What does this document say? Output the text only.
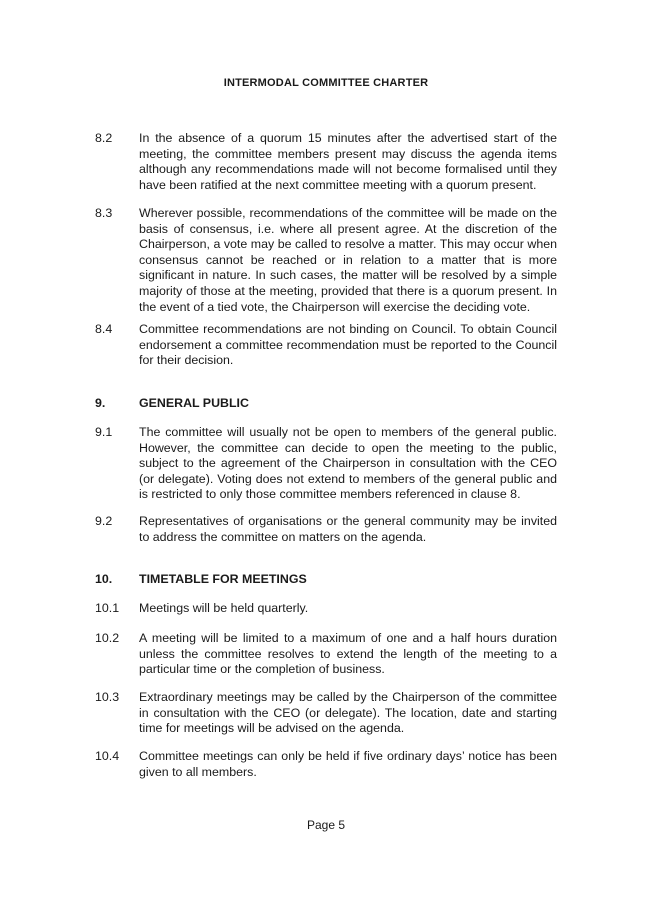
INTERMODAL COMMITTEE CHARTER
8.2 In the absence of a quorum 15 minutes after the advertised start of the meeting, the committee members present may discuss the agenda items although any recommendations made will not become formalised until they have been ratified at the next committee meeting with a quorum present.
8.3 Wherever possible, recommendations of the committee will be made on the basis of consensus, i.e. where all present agree. At the discretion of the Chairperson, a vote may be called to resolve a matter. This may occur when consensus cannot be reached or in relation to a matter that is more significant in nature. In such cases, the matter will be resolved by a simple majority of those at the meeting, provided that there is a quorum present. In the event of a tied vote, the Chairperson will exercise the deciding vote.
8.4 Committee recommendations are not binding on Council. To obtain Council endorsement a committee recommendation must be reported to the Council for their decision.
9.	GENERAL PUBLIC
9.1 The committee will usually not be open to members of the general public. However, the committee can decide to open the meeting to the public, subject to the agreement of the Chairperson in consultation with the CEO (or delegate). Voting does not extend to members of the general public and is restricted to only those committee members referenced in clause 8.
9.2 Representatives of organisations or the general community may be invited to address the committee on matters on the agenda.
10. TIMETABLE FOR MEETINGS
10.1 Meetings will be held quarterly.
10.2 A meeting will be limited to a maximum of one and a half hours duration unless the committee resolves to extend the length of the meeting to a particular time or the completion of business.
10.3 Extraordinary meetings may be called by the Chairperson of the committee in consultation with the CEO (or delegate). The location, date and starting time for meetings will be advised on the agenda.
10.4 Committee meetings can only be held if five ordinary days’ notice has been given to all members.
Page 5
